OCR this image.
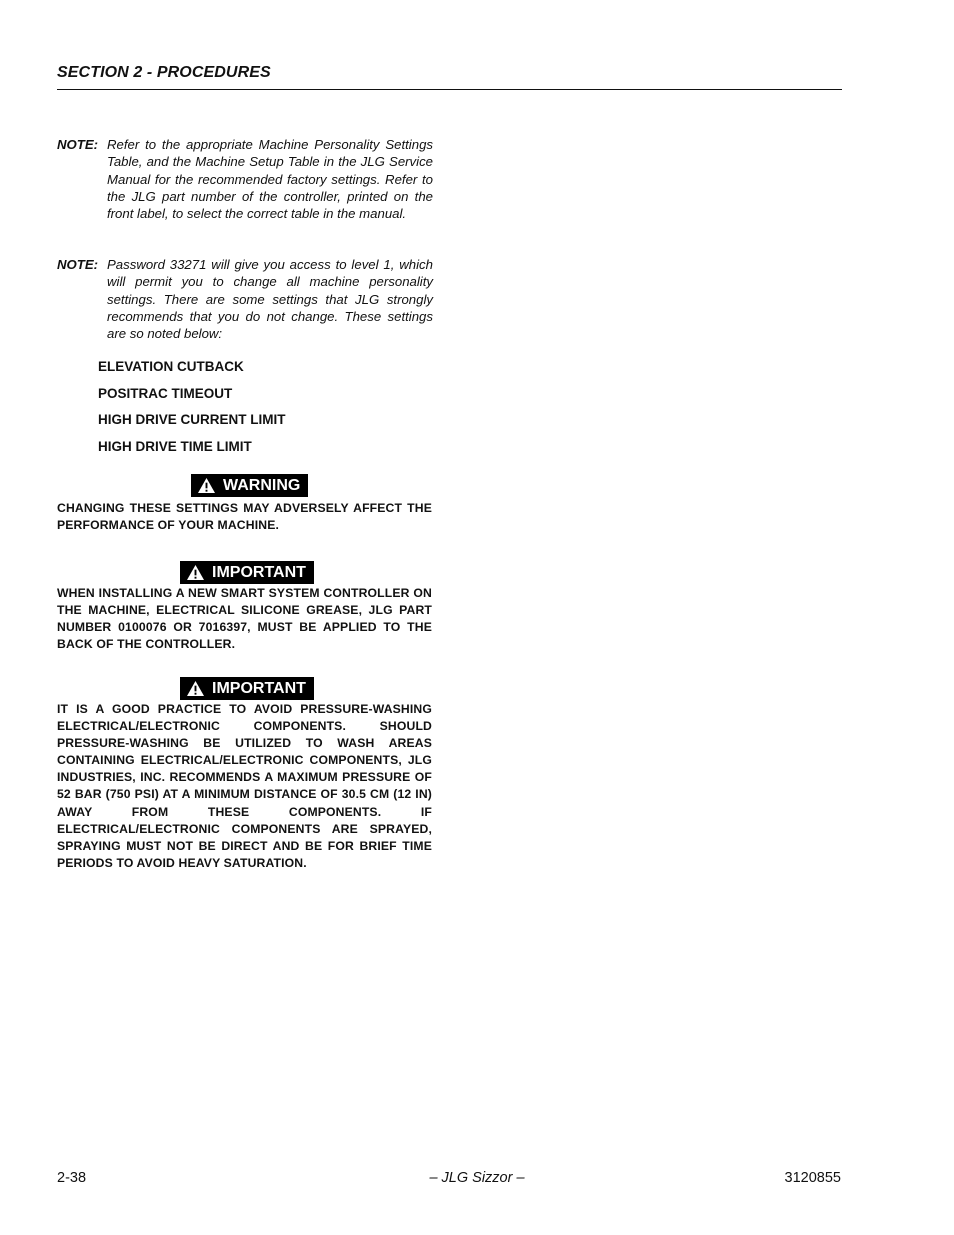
SECTION 2 - PROCEDURES
NOTE: Refer to the appropriate Machine Personality Settings Table, and the Machine Setup Table in the JLG Service Manual for the recommended factory settings. Refer to the JLG part number of the controller, printed on the front label, to select the correct table in the manual.
NOTE: Password 33271 will give you access to level 1, which will permit you to change all machine personality settings. There are some settings that JLG strongly recommends that you do not change. These settings are so noted below:
ELEVATION CUTBACK
POSITRAC TIMEOUT
HIGH DRIVE CURRENT LIMIT
HIGH DRIVE TIME LIMIT
WARNING
CHANGING THESE SETTINGS MAY ADVERSELY AFFECT THE PERFORMANCE OF YOUR MACHINE.
IMPORTANT
WHEN INSTALLING A NEW SMART SYSTEM CONTROLLER ON THE MACHINE, ELECTRICAL SILICONE GREASE, JLG PART NUMBER 0100076 OR 7016397, MUST BE APPLIED TO THE BACK OF THE CONTROLLER.
IMPORTANT
IT IS A GOOD PRACTICE TO AVOID PRESSURE-WASHING ELECTRICAL/ELECTRONIC COMPONENTS. SHOULD PRESSURE-WASHING BE UTILIZED TO WASH AREAS CONTAINING ELECTRICAL/ELECTRONIC COMPONENTS, JLG INDUSTRIES, INC. RECOMMENDS A MAXIMUM PRESSURE OF 52 BAR (750 PSI) AT A MINIMUM DISTANCE OF 30.5 CM (12 IN) AWAY FROM THESE COMPONENTS. IF ELECTRICAL/ELECTRONIC COMPONENTS ARE SPRAYED, SPRAYING MUST NOT BE DIRECT AND BE FOR BRIEF TIME PERIODS TO AVOID HEAVY SATURATION.
2-38	– JLG Sizzor –	3120855
